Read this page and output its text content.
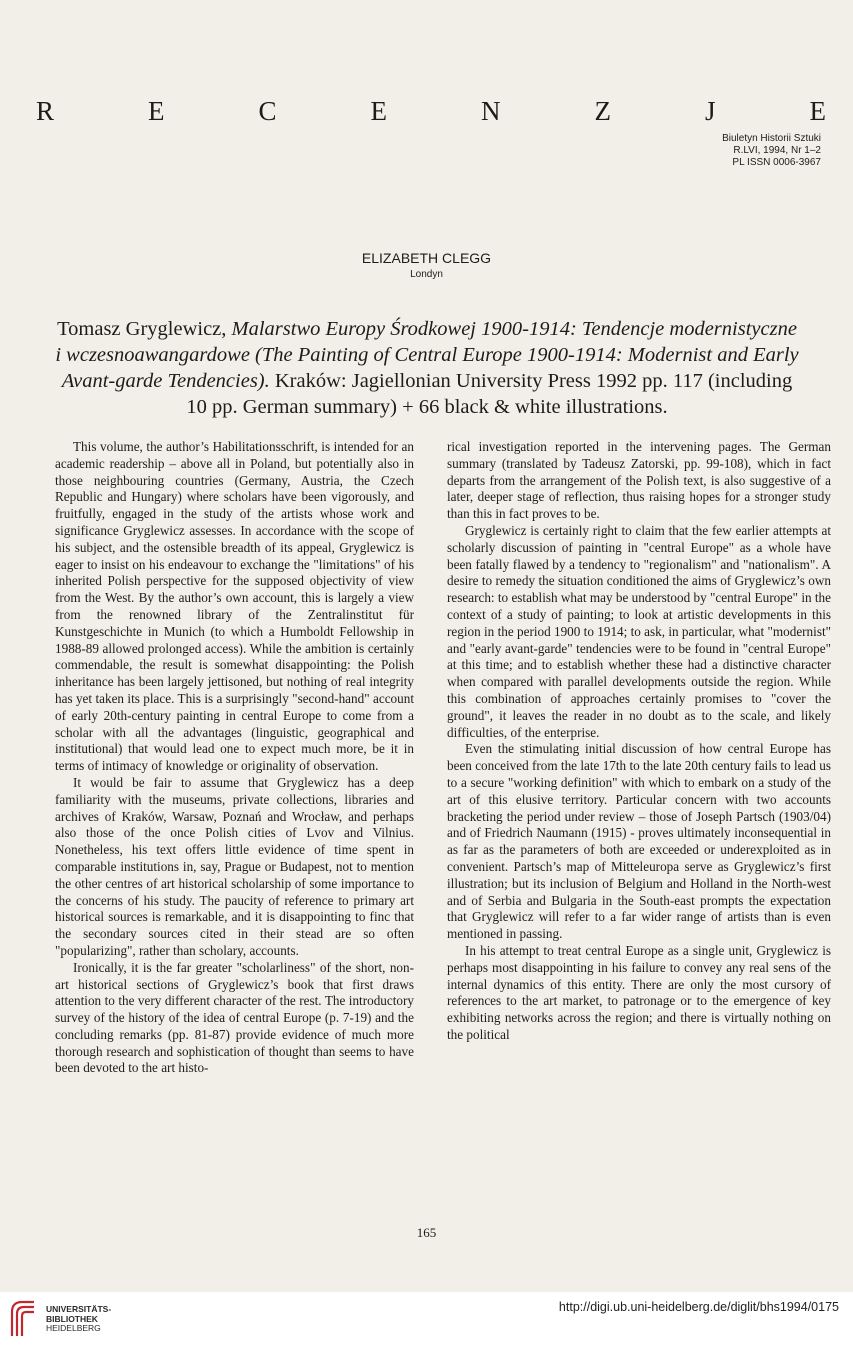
R	E	C	E	N	Z	J	E
Biuletyn Historii Sztuki
R.LVI, 1994, Nr 1–2
PL ISSN 0006-3967
ELIZABETH CLEGG
Londyn
Tomasz Gryglewicz, Malarstwo Europy Środkowej 1900-1914: Tendencje modernistyczne
i wczesnoawangardowe (The Painting of Central Europe 1900-1914: Modernist and Early
Avant-garde Tendencies). Kraków: Jagiellonian University Press 1992 pp. 117 (including
10 pp. German summary) + 66 black & white illustrations.

This volume, the author’s Habilitationsschrift, is intended for an academic readership – above all in Poland, but potentially also in those neighbouring countries (Germany, Austria, the Czech Republic and Hungary) where scholars have been vigorously, and fruitfully, engaged in the study of the artists whose work and significance Gryglewicz assesses. In accordance with the scope of his subject, and the ostensible breadth of its appeal, Gryglewicz is eager to insist on his endeavour to exchange the "limitations" of his inherited Polish perspective for the supposed objectivity of view from the West. By the author’s own account, this is largely a view from the renowned library of the Zentralinstitut für Kunstgeschichte in Munich (to which a Humboldt Fellowship in 1988-89 allowed prolonged access). While the ambition is certainly commendable, the result is somewhat disappointing: the Polish inheritance has been largely jettisoned, but nothing of real integrity has yet taken its place. This is a surprisingly "second-hand" account of early 20th-century painting in central Europe to come from a scholar with all the advantages (linguistic, geographical and institutional) that would lead one to expect much more, be it in terms of intimacy of knowledge or originality of observation.

It would be fair to assume that Gryglewicz has a deep familiarity with the museums, private collections, libraries and archives of Kraków, Warsaw, Poznań and Wrocław, and perhaps also those of the once Polish cities of Lvov and Vilnius. Nonetheless, his text offers little evidence of time spent in comparable institutions in, say, Prague or Budapest, not to mention the other centres of art historical scholarship of some importance to the concerns of his study. The paucity of reference to primary art historical sources is remarkable, and it is disappointing to finc that the secondary sources cited in their stead are so often "popularizing", rather than scholary, accounts.

Ironically, it is the far greater "scholarliness" of the short, non-art historical sections of Gryglewicz’s book that first draws attention to the very different character of the rest. The introductory survey of the history of the idea of central Europe (p. 7-19) and the concluding remarks (pp. 81-87) provide evidence of much more thorough research and sophistication of thought than seems to have been devoted to the art histo-

rical investigation reported in the intervening pages. The German summary (translated by Tadeusz Zatorski, pp. 99-108), which in fact departs from the arrangement of the Polish text, is also suggestive of a later, deeper stage of reflection, thus raising hopes for a stronger study than this in fact proves to be.

Gryglewicz is certainly right to claim that the few earlier attempts at scholarly discussion of painting in "central Europe" as a whole have been fatally flawed by a tendency to "regionalism" and "nationalism". A desire to remedy the situation conditioned the aims of Gryglewicz’s own research: to establish what may be understood by "central Europe" in the context of a study of painting; to look at artistic developments in this region in the period 1900 to 1914; to ask, in particular, what "modernist" and "early avant-garde" tendencies were to be found in "central Europe" at this time; and to establish whether these had a distinctive character when compared with parallel developments outside the region. While this combination of approaches certainly promises to "cover the ground", it leaves the reader in no doubt as to the scale, and likely difficulties, of the enterprise.

Even the stimulating initial discussion of how central Europe has been conceived from the late 17th to the late 20th century fails to lead us to a secure "working definition" with which to embark on a study of the art of this elusive territory. Particular concern with two accounts bracketing the period under review – those of Joseph Partsch (1903/04) and of Friedrich Naumann (1915) - proves ultimately inconsequential in as far as the parameters of both are exceeded or underexploited as in convenient. Partsch’s map of Mitteleuropa serve as Gryglewicz’s first illustration; but its inclusion of Belgium and Holland in the North-west and of Serbia and Bulgaria in the South-east prompts the expectation that Gryglewicz will refer to a far wider range of artists than is even mentioned in passing.

In his attempt to treat central Europe as a single unit, Gryglewicz is perhaps most disappointing in his failure to convey any real sens of the internal dynamics of this entity. There are only the most cursory of references to the art market, to patronage or to the emergence of key exhibiting networks across the region; and there is virtually nothing on the political

165
UNIVERSITÄTS-
BIBLIOTHEK
HEIDELBERG
http://digi.ub.uni-heidelberg.de/diglit/bhs1994/0175
